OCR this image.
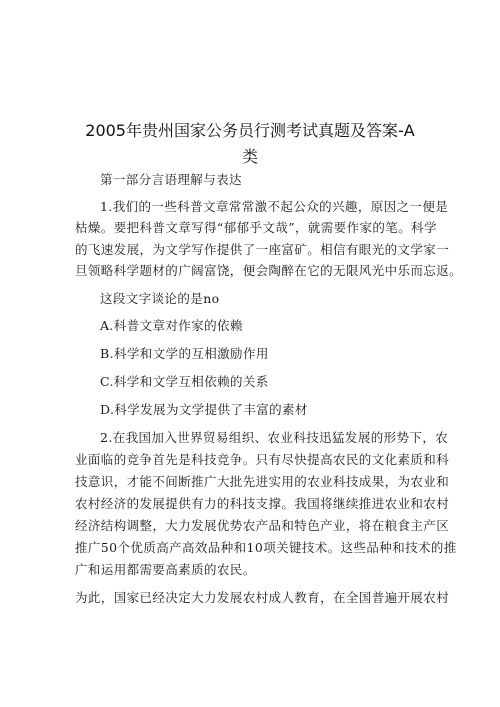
2005年贵州国家公务员行测考试真题及答案-A
类
第一部分言语理解与表达
1.我们的一些科普文章常常激不起公众的兴趣，原因之一便是
枯燥。要把科普文章写得“郁郁乎文哉”，就需要作家的笔。科学
的飞速发展，为文学写作提供了一座富矿。相信有眼光的文学家一
旦领略科学题材的广阔富饶，便会陶醉在它的无限风光中乐而忘返。
这段文字谈论的是no
A.科普文章对作家的依赖
B.科学和文学的互相激励作用
C.科学和文学互相依赖的关系
D.科学发展为文学提供了丰富的素材
2.在我国加入世界贸易组织、农业科技迅猛发展的形势下，农
业面临的竞争首先是科技竞争。只有尽快提高农民的文化素质和科
技意识，才能不间断推广大批先进实用的农业科技成果，为农业和
农村经济的发展提供有力的科技支撑。我国将继续推进农业和农村
经济结构调整，大力发展优势农产品和特色产业，将在粮食主产区
推广50个优质高产高效品种和10项关键技术。这些品种和技术的推
广和运用都需要高素质的农民。
为此，国家已经决定大力发展农村成人教育，在全国普遍开展农村
